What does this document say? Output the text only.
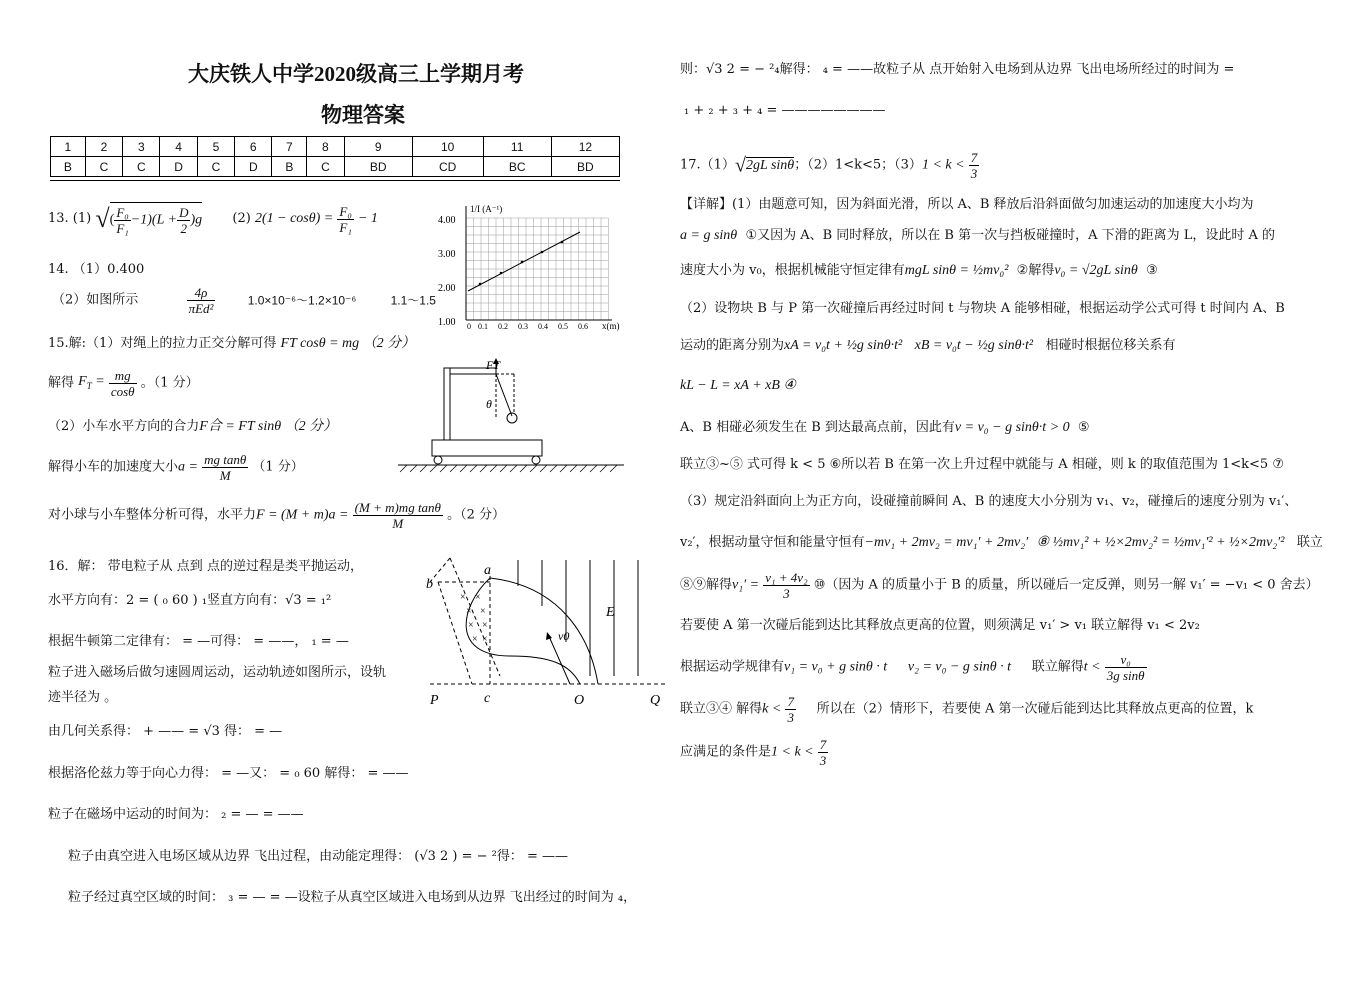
大庆铁人中学2020级高三上学期月考
物理答案
1	2	3	4	5	6	7	8	9	10	11	12
B	C	C	D	C	D	B	C	BD	CD	BC	BD
13. (1) √( $\frac{\text{F₀}}{\text{F₁}} -1)(L + \frac{D}{2} )g$ (2) $2(1 - \cos\theta) = \frac{\text{F₀}}{\text{F₁}} - 1$
14. （1）0.400
（2）如图所示	$\frac{4\rho}{\text{πEd²}}$	1.0×10⁻⁶～1.2×10⁻⁶	1.1～1.5
1/I (A⁻¹)
4.00
3.00
2.00
1.00 0 0.1 0.2 0.3 0.4 0.5 0.6 x(m)
15.解:（1）对绳上的拉力正交分解可得 FT cosθ = mg （2 分）
解得 $F_T = \frac{mg}{\cos\theta}$ 。（1 分）
（2）小车水平方向的合力F合 = FT sinθ （2 分）
解得小车的加速度大小$a = \frac{\text{mg tanθ}}{M} (1$ 分）
对小球与小车整体分析可得，水平力$F = (M + m)a = \frac{\text{(M + m)mg tanθ}}{M}$ 。（2 分）
FT
θ
16．解： 带电粒子从 点到 点的逆过程是类平抛运动，
水平方向有：2 = ( ₀ 60 ) ₁竖直方向有：√3 = ₁²
根据牛顿第二定律有： = —可得： = ——， ₁ = —
粒子进入磁场后做匀速圆周运动，运动轨迹如图所示，设轨
迹半径为 。
由几何关系得： + —— = √3 得： = —
根据洛伦兹力等于向心力得： = —又： = ₀ 60 解得： = ——
粒子在磁场中运动的时间为： ₂ = — = ——
粒子由真空进入电场区域从边界 飞出过程，由动能定理得： (√3 2 ) = − ²得： = ——
粒子经过真空区域的时间： ₃ = — = —设粒子从真空区域进入电场到从边界 飞出经过的时间为 ₄，
× ×
× ×
× ×
× ×
b
a
v0
E
P	c	O	Q
则：√3 2 = − ²₄解得： ₄ = ——故粒子从 点开始射入电场到从边界 飞出电场所经过的时间为 =
₁ + ₂ + ₃ + ₄ = ————————
17.（1）√2gL sinθ；（2）1<k<5；$(3)1 < k < \frac{7}{3}$
【详解】(1）由题意可知，因为斜面光滑，所以 A、B 释放后沿斜面做匀加速运动的加速度大小均为
a = g sinθ ①又因为 A、B 同时释放，所以在 B 第一次与挡板碰撞时，A 下滑的距离为 L，设此时 A 的
速度大小为 v₀，根据机械能守恒定律有mgL sinθ = ½mv₀² ②解得v₀ = √2gL sinθ ③
（2）设物块 B 与 P 第一次碰撞后再经过时间 t 与物块 A 能够相碰，根据运动学公式可得 t 时间内 A、B
运动的距离分别为xA = v₀t + ½g sinθ·t² xB = v₀t − ½g sinθ·t² 相碰时根据位移关系有
kL − L = xA + xB ④
A、B 相碰必须发生在 B 到达最高点前，因此有v = v₀ − g sinθ·t > 0 ⑤
联立③~⑤ 式可得 k < 5 ⑥所以若 B 在第一次上升过程中就能与 A 相碰，则 k 的取值范围为 1<k<5 ⑦
（3）规定沿斜面向上为正方向，设碰撞前瞬间 A、B 的速度大小分别为 v₁、v₂，碰撞后的速度分别为 v₁′、
v₂′，根据动量守恒和能量守恒有−mv₁ + 2mv₂ = mv₁′ + 2mv₂′ ⑧ ½mv₁² + ½×2mv₂² = ½mv₁′² + ½×2mv₂′² 联立
⑧⑨解得$v_1' = \frac{\text{v₁ + 4v₂}}{3}$ ⑩（因为 A 的质量小于 B 的质量，所以碰后一定反弹，则另一解 v₁′ = −v₁ < 0 舍去）
若要使 A 第一次碰后能到达比其释放点更高的位置，则须满足 v₁′ > v₁ 联立解得 v₁ < 2v₂
根据运动学规律有v₁ = v₀ + g sinθ · t v₂ = v₀ − g sinθ · t 联立解得$t < \frac{\text{v₀}}{\text{3g sinθ}}$
联立③④ 解得$k < \frac{7}{3}$ 所以在（2）情形下，若要使 A 第一次碰后能到达比其释放点更高的位置，k
应满足的条件是$1 < k < \frac{7}{3}$
